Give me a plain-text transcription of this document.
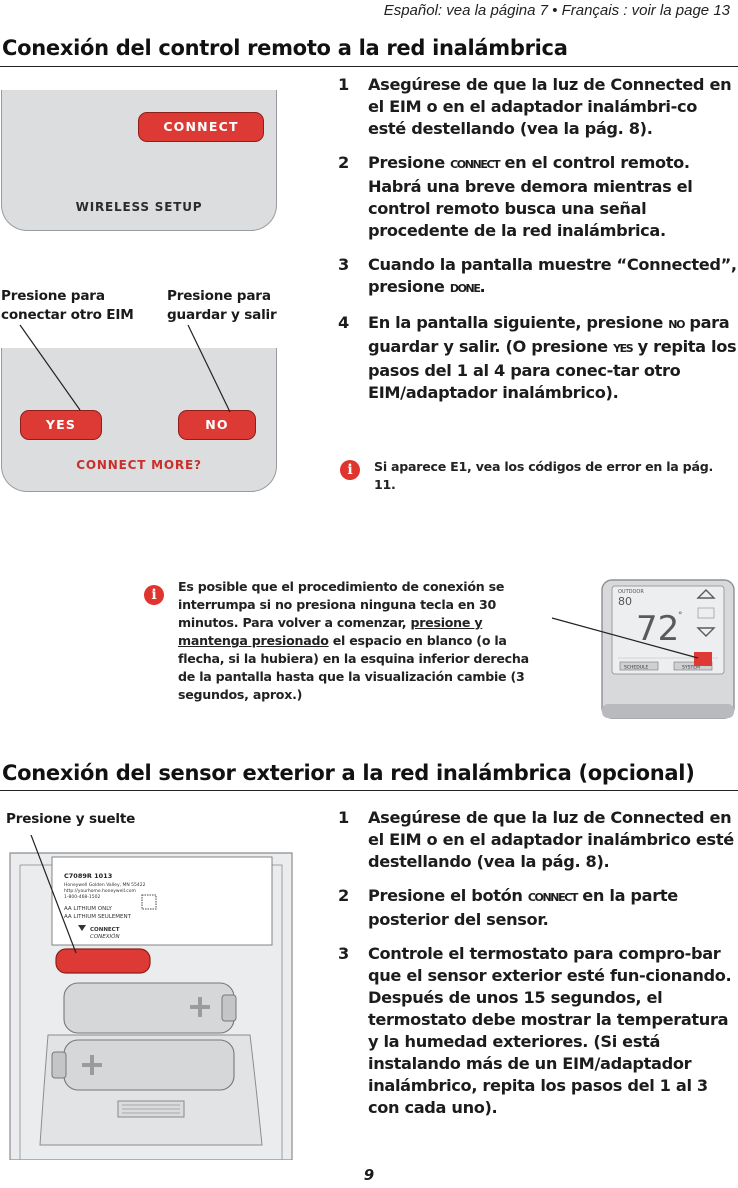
Español: vea la página 7 • Français : voir la page 13
Conexión del control remoto a la red inalámbrica
CONNECT
WIRELESS SETUP
Presione para conectar otro EIM
Presione para guardar y salir
YES	NO
CONNECT MORE?
1 Asegúrese de que la luz de Connected en el EIM o en el adaptador inalámbri-co esté destellando (vea la pág. 8).
2 Presione CONNECT en el control remoto. Habrá una breve demora mientras el control remoto busca una señal procedente de la red inalámbrica.
3 Cuando la pantalla muestre “Connected”, presione DONE.
4 En la pantalla siguiente, presione NO para guardar y salir. (O presione YES y repita los pasos del 1 al 4 para conec-tar otro EIM/adaptador inalámbrico).
i	Si aparece E1, vea los códigos de error en la pág. 11.
i
Es posible que el procedimiento de conexión se interrumpa si no presiona ninguna tecla en 30 minutos. Para volver a comenzar, presione y mantenga presionado el espacio en blanco (o la flecha, si la hubiera) en la esquina inferior derecha de la pantalla hasta que la visualización cambie (3 segundos, aprox.)
OUTDOOR
80
72
°
SCHEDULE	SYSTEM
Conexión del sensor exterior a la red inalámbrica (opcional)
Presione y suelte
C7089R 1013
Honeywell Golden Valley, MN 55422
http://yourhome.honeywell.com
1-800-468-1502
AA LITHIUM ONLY
AA LITHIUM SEULEMENT
CONNECT
CONEXIÓN
1 Asegúrese de que la luz de Connected en el EIM o en el adaptador inalámbrico esté destellando (vea la pág. 8).
2 Presione el botón CONNECT en la parte posterior del sensor.
3 Controle el termostato para compro-bar que el sensor exterior esté fun-cionando. Después de unos 15 segundos, el termostato debe mostrar la temperatura y la humedad exteriores. (Si está instalando más de un EIM/adaptador inalámbrico, repita los pasos del 1 al 3 con cada uno).
9
